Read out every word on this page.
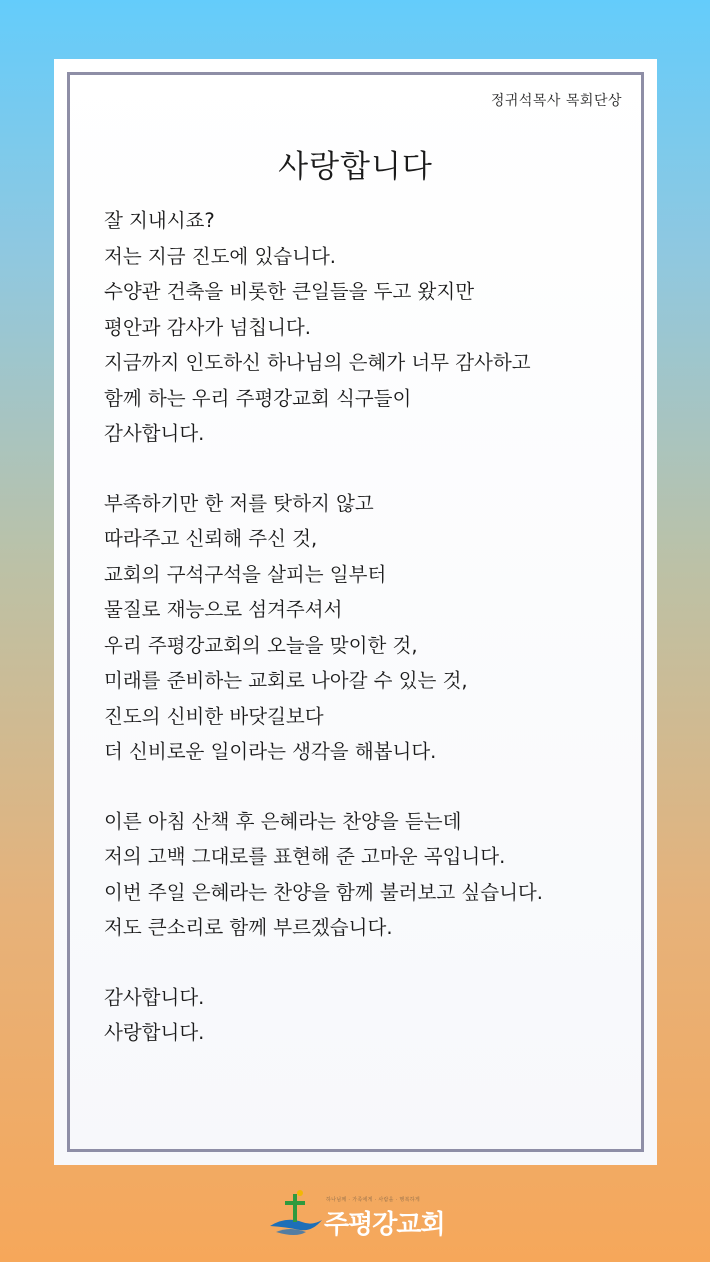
정귀석목사 목회단상
사랑합니다

잘 지내시죠?
저는 지금 진도에 있습니다.
수양관 건축을 비롯한 큰일들을 두고 왔지만
평안과 감사가 넘칩니다.
지금까지 인도하신 하나님의 은혜가 너무 감사하고
함께 하는 우리 주평강교회 식구들이
감사합니다.

부족하기만 한 저를 탓하지 않고
따라주고 신뢰해 주신 것,
교회의 구석구석을 살피는 일부터
물질로 재능으로 섬겨주셔서
우리 주평강교회의 오늘을 맞이한 것,
미래를 준비하는 교회로 나아갈 수 있는 것,
진도의 신비한 바닷길보다
더 신비로운 일이라는 생각을 해봅니다.

이른 아침 산책 후 은혜라는 찬양을 듣는데
저의 고백 그대로를 표현해 준 고마운 곡입니다.
이번 주일 은혜라는 찬양을 함께 불러보고 싶습니다.
저도 큰소리로 함께 부르겠습니다.

감사합니다.
사랑합니다.

하나님께 · 가족에게 · 사람을 · 행복하게
주평강교회
